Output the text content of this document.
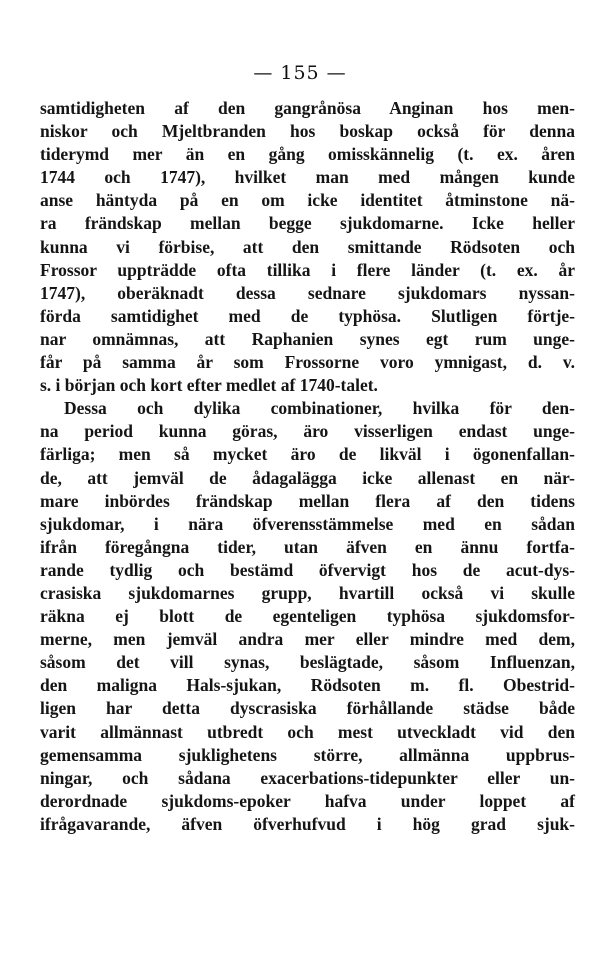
— 155 —
samtidigheten af den gangrånösa Anginan hos men-
niskor och Mjeltbranden hos boskap också för denna
tiderymd mer än en gång omisskännelig (t. ex. åren
1744 och 1747), hvilket man med mången kunde
anse häntyda på en om icke identitet åtminstone nä-
ra frändskap mellan begge sjukdomarne. Icke heller
kunna vi förbise, att den smittande Rödsoten och
Frossor uppträdde ofta tillika i flere länder (t. ex. år
1747), oberäknadt dessa sednare sjukdomars nyssan-
förda samtidighet med de typhösa. Slutligen förtje-
nar omnämnas, att Raphanien synes egt rum unge-
får på samma år som Frossorne voro ymnigast, d. v.
s. i början och kort efter medlet af 1740-talet.
Dessa och dylika combinationer, hvilka för den-
na period kunna göras, äro visserligen endast unge-
färliga; men så mycket äro de likväl i ögonenfallan-
de, att jemväl de ådagalägga icke allenast en när-
mare inbördes frändskap mellan flera af den tidens
sjukdomar, i nära öfverensstämmelse med en sådan
ifrån föregångna tider, utan äfven en ännu fortfa-
rande tydlig och bestämd öfvervigt hos de acut-dys-
crasiska sjukdomarnes grupp, hvartill också vi skulle
räkna ej blott de egenteligen typhösa sjukdomsfor-
merne, men jemväl andra mer eller mindre med dem,
såsom det vill synas, beslägtade, såsom Influenzan,
den maligna Hals-sjukan, Rödsoten m. fl. Obestrid-
ligen har detta dyscrasiska förhållande städse både
varit allmännast utbredt och mest utveckladt vid den
gemensamma sjuklighetens större, allmänna uppbrus-
ningar, och sådana exacerbations-tidepunkter eller un-
derordnade sjukdoms-epoker hafva under loppet af
ifrågavarande, äfven öfverhufvud i hög grad sjuk-
